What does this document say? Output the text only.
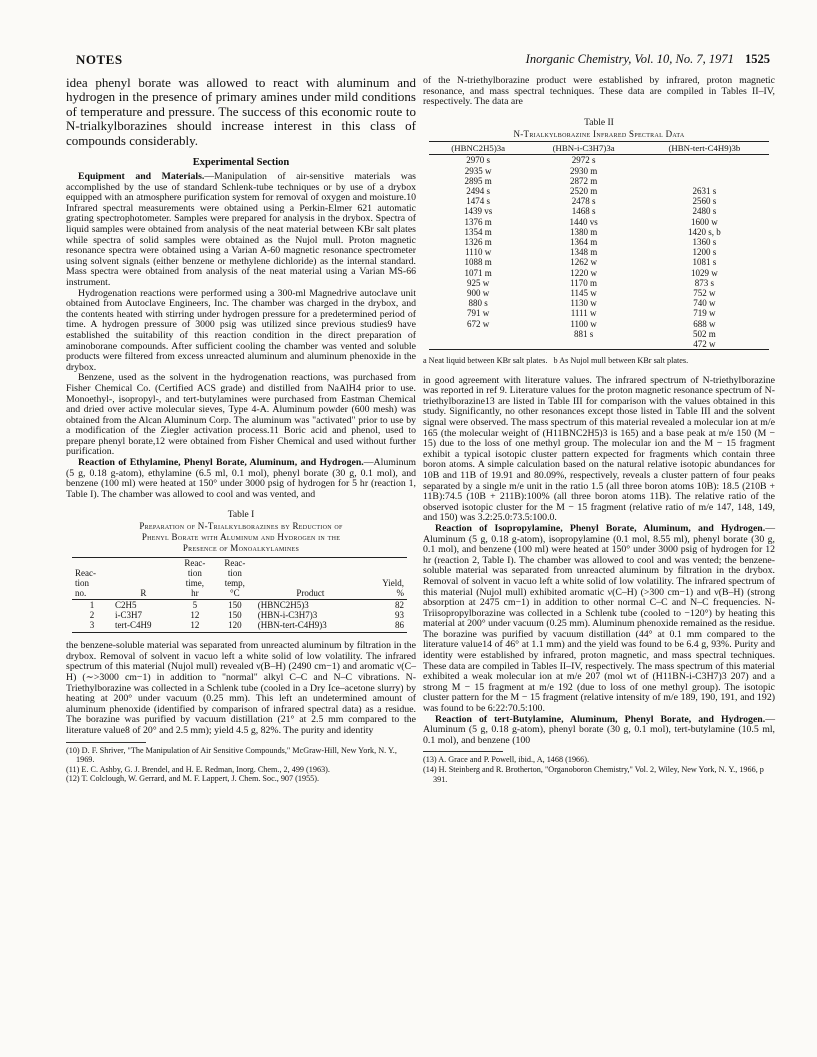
NOTES	Inorganic Chemistry, Vol. 10, No. 7, 1971 1525

idea phenyl borate was allowed to react with aluminum and hydrogen in the presence of primary amines under mild conditions of temperature and pressure. The success of this economic route to N-trialkylborazines should increase interest in this class of compounds considerably.

Experimental Section

Equipment and Materials.—Manipulation of air-sensitive materials was accomplished by the use of standard Schlenk-tube techniques or by use of a drybox equipped with an atmosphere purification system for removal of oxygen and moisture.10 Infrared spectral measurements were obtained using a Perkin-Elmer 621 automatic grating spectrophotometer. Samples were prepared for analysis in the drybox. Spectra of liquid samples were obtained from analysis of the neat material between KBr salt plates while spectra of solid samples were obtained as the Nujol mull. Proton magnetic resonance spectra were obtained using a Varian A-60 magnetic resonance spectrometer using solvent signals (either benzene or methylene dichloride) as the internal standard. Mass spectra were obtained from analysis of the neat material using a Varian MS-66 instrument.

Hydrogenation reactions were performed using a 300-ml Magnedrive autoclave unit obtained from Autoclave Engineers, Inc. The chamber was charged in the drybox, and the contents heated with stirring under hydrogen pressure for a predetermined period of time. A hydrogen pressure of 3000 psig was utilized since previous studies9 have established the suitability of this reaction condition in the direct preparation of aminoborane compounds. After sufficient cooling the chamber was vented and soluble products were filtered from excess unreacted aluminum and aluminum phenoxide in the drybox.

Benzene, used as the solvent in the hydrogenation reactions, was purchased from Fisher Chemical Co. (Certified ACS grade) and distilled from NaAlH4 prior to use. Monoethyl-, isopropyl-, and tert-butylamines were purchased from Eastman Chemical and dried over active molecular sieves, Type 4-A. Aluminum powder (600 mesh) was obtained from the Alcan Aluminum Corp. The aluminum was "activated" prior to use by a modification of the Ziegler activation process.11 Boric acid and phenol, used to prepare phenyl borate,12 were obtained from Fisher Chemical and used without further purification.

Reaction of Ethylamine, Phenyl Borate, Aluminum, and Hydrogen.—Aluminum (5 g, 0.18 g-atom), ethylamine (6.5 ml, 0.1 mol), phenyl borate (30 g, 0.1 mol), and benzene (100 ml) were heated at 150° under 3000 psig of hydrogen for 5 hr (reaction 1, Table I). The chamber was allowed to cool and was vented, and

Table I
Preparation of N-Trialkylborazines by Reduction of
Phenyl Borate with Aluminum and Hydrogen in the
Presence of Monoalkylamines
Reac-
tion
no.	R	Reac-
tion
time,
hr	Reac-
tion
temp,
°C	Product	Yield,
%
1	C2H5	5	150	(HBNC2H5)3	82
2	i-C3H7	12	150	(HBN-i-C3H7)3	93
3	tert-C4H9	12	120	(HBN-tert-C4H9)3	86

the benzene-soluble material was separated from unreacted aluminum by filtration in the drybox. Removal of solvent in vacuo left a white solid of low volatility. The infrared spectrum of this material (Nujol mull) revealed ν(B–H) (2490 cm−1) and aromatic ν(C–H) (∼>3000 cm−1) in addition to "normal" alkyl C–C and N–C vibrations. N-Triethylborazine was collected in a Schlenk tube (cooled in a Dry Ice–acetone slurry) by heating at 200° under vacuum (0.25 mm). This left an undetermined amount of aluminum phenoxide (identified by comparison of infrared spectral data) as a residue. The borazine was purified by vacuum distillation (21° at 2.5 mm compared to the literature value8 of 20° and 2.5 mm); yield 4.5 g, 82%. The purity and identity

(10) D. F. Shriver, "The Manipulation of Air Sensitive Compounds," McGraw-Hill, New York, N. Y., 1969.

(11) E. C. Ashby, G. J. Brendel, and H. E. Redman, Inorg. Chem., 2, 499 (1963).

(12) T. Colclough, W. Gerrard, and M. F. Lappert, J. Chem. Soc., 907 (1955).

of the N-triethylborazine product were established by infrared, proton magnetic resonance, and mass spectral techniques. These data are compiled in Tables II–IV, respectively. The data are

Table II
N-Trialkylborazine Infrared Spectral Data
(HBNC2H5)3a	(HBN-i-C3H7)3a	(HBN-tert-C4H9)3b
2970 s	2972 s	
2935 w	2930 m	
2895 m	2872 m	
2494 s	2520 m	2631 s
1474 s	2478 s	2560 s
1439 vs	1468 s	2480 s
1376 m	1440 vs	1600 w
1354 m	1380 m	1420 s, b
1326 m	1364 m	1360 s
1110 w	1348 m	1200 s
1088 m	1262 w	1081 s
1071 m	1220 w	1029 w
925 w	1170 m	873 s
900 w	1145 w	752 w
880 s	1130 w	740 w
791 w	1111 w	719 w
672 w	1100 w	688 w
	881 s	502 m
		472 w

a Neat liquid between KBr salt plates. b As Nujol mull between KBr salt plates.

in good agreement with literature values. The infrared spectrum of N-triethylborazine was reported in ref 9. Literature values for the proton magnetic resonance spectrum of N-triethylborazine13 are listed in Table III for comparison with the values obtained in this study. Significantly, no other resonances except those listed in Table III and the solvent signal were observed. The mass spectrum of this material revealed a molecular ion at m/e 165 (the molecular weight of (H11BNC2H5)3 is 165) and a base peak at m/e 150 (M − 15) due to the loss of one methyl group. The molecular ion and the M − 15 fragment exhibit a typical isotopic cluster pattern expected for fragments which contain three boron atoms. A simple calculation based on the natural relative isotopic abundances for 10B and 11B of 19.91 and 80.09%, respectively, reveals a cluster pattern of four peaks separated by a single m/e unit in the ratio 1.5 (all three boron atoms 10B): 18.5 (210B + 11B):74.5 (10B + 211B):100% (all three boron atoms 11B). The relative ratio of the observed isotopic cluster for the M − 15 fragment (relative ratio of m/e 147, 148, 149, and 150) was 3.2:25.0:73.5:100.0.

Reaction of Isopropylamine, Phenyl Borate, Aluminum, and Hydrogen.—Aluminum (5 g, 0.18 g-atom), isopropylamine (0.1 mol, 8.55 ml), phenyl borate (30 g, 0.1 mol), and benzene (100 ml) were heated at 150° under 3000 psig of hydrogen for 12 hr (reaction 2, Table I). The chamber was allowed to cool and was vented; the benzene-soluble material was separated from unreacted aluminum by filtration in the drybox. Removal of solvent in vacuo left a white solid of low volatility. The infrared spectrum of this material (Nujol mull) exhibited aromatic ν(C–H) (>300 cm−1) and ν(B–H) (strong absorption at 2475 cm−1) in addition to other normal C–C and N–C frequencies. N-Triisopropylborazine was collected in a Schlenk tube (cooled to −120°) by heating this material at 200° under vacuum (0.25 mm). Aluminum phenoxide remained as the residue. The borazine was purified by vacuum distillation (44° at 0.1 mm compared to the literature value14 of 46° at 1.1 mm) and the yield was found to be 6.4 g, 93%. Purity and identity were established by infrared, proton magnetic, and mass spectral techniques. These data are compiled in Tables II–IV, respectively. The mass spectrum of this material exhibited a weak molecular ion at m/e 207 (mol wt of (H11BN-i-C3H7)3 207) and a strong M − 15 fragment at m/e 192 (due to loss of one methyl group). The isotopic cluster pattern for the M − 15 fragment (relative intensity of m/e 189, 190, 191, and 192) was found to be 6:22:70.5:100.

Reaction of tert-Butylamine, Aluminum, Phenyl Borate, and Hydrogen.—Aluminum (5 g, 0.18 g-atom), phenyl borate (30 g, 0.1 mol), tert-butylamine (10.5 ml, 0.1 mol), and benzene (100

(13) A. Grace and P. Powell, ibid., A, 1468 (1966).

(14) H. Steinberg and R. Brotherton, "Organoboron Chemistry," Vol. 2, Wiley, New York, N. Y., 1966, p 391.
